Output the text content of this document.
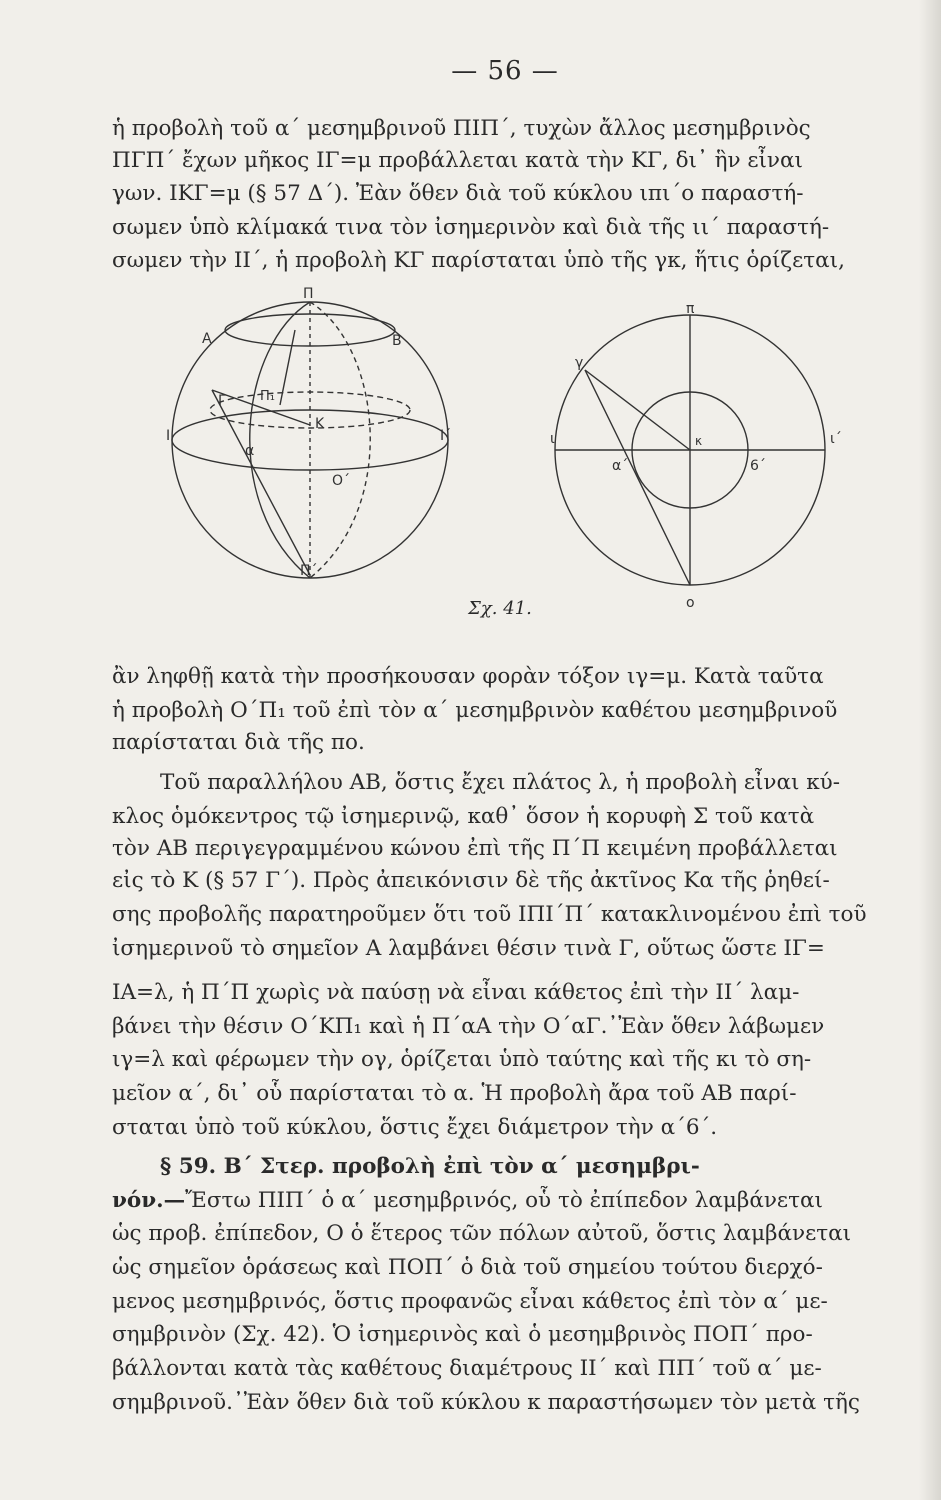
— 56 —
ἡ προβολὴ τοῦ α΄ μεσημβρινοῦ ΠΙΠ΄, τυχὼν ἄλλος μεσημβρινὸς
ΠΓΠ΄ ἔχων μῆκος ΙΓ=μ προβάλλεται κατὰ τὴν ΚΓ, δι᾽ ἣν εἶναι
γων. ΙΚΓ=μ (§ 57 Δ΄). Ἐὰν ὅθεν διὰ τοῦ κύκλου ιπι΄ο παραστή-
σωμεν ὑπὸ κλίμακά τινα τὸν ἰσημερινὸν καὶ διὰ τῆς ιι΄ παραστή-
σωμεν τὴν ΙΙ΄, ἡ προβολὴ ΚΓ παρίσταται ὑπὸ τῆς γκ, ἥτις ὁρίζεται,
Π
Α	Β
Γ	Π₁
Κ
Ι	Ι΄
α
Ο΄
Π΄
π
γ
ι	κ
α΄	6΄
ι΄
ο
Σχ. 41.
ἂν ληφθῇ κατὰ τὴν προσήκουσαν φορὰν τόξον ιγ=μ. Κατὰ ταῦτα
ἡ προβολὴ Ο΄Π₁ τοῦ ἐπὶ τὸν α΄ μεσημβρινὸν καθέτου μεσημβρινοῦ
παρίσταται διὰ τῆς πο.
Τοῦ παραλλήλου ΑΒ, ὅστις ἔχει πλάτος λ, ἡ προβολὴ εἶναι κύ-
κλος ὁμόκεντρος τῷ ἰσημερινῷ, καθ᾽ ὅσον ἡ κορυφὴ Σ τοῦ κατὰ
τὸν ΑΒ περιγεγραμμένου κώνου ἐπὶ τῆς Π΄Π κειμένη προβάλλεται
εἰς τὸ Κ (§ 57 Γ΄). Πρὸς ἀπεικόνισιν δὲ τῆς ἀκτῖνος Κα τῆς ῥηθεί-
σης προβολῆς παρατηροῦμεν ὅτι τοῦ ΙΠΙ΄Π΄ κατακλινομένου ἐπὶ τοῦ
ἰσημερινοῦ τὸ σημεῖον Α λαμβάνει θέσιν τινὰ Γ, οὕτως ὥστε ΙΓ=
ΙΑ=λ, ἡ Π΄Π χωρὶς νὰ παύσῃ νὰ εἶναι κάθετος ἐπὶ τὴν ΙΙ΄ λαμ-
βάνει τὴν θέσιν Ο΄ΚΠ₁ καὶ ἡ Π΄αΑ τὴν Ο΄αΓ.᾽Ἐὰν ὅθεν λάβωμεν
ιγ=λ καὶ φέρωμεν τὴν ογ, ὁρίζεται ὑπὸ ταύτης καὶ τῆς κι τὸ ση-
μεῖον α΄, δι᾽ οὗ παρίσταται τὸ α. Ἡ προβολὴ ἄρα τοῦ ΑΒ παρί-
σταται ὑπὸ τοῦ κύκλου, ὅστις ἔχει διάμετρον τὴν α΄6΄.
§ 59. Β΄ Στερ. προβολὴ ἐπὶ τὸν α΄ μεσημβρι-
νόν.—Ἔστω ΠΙΠ΄ ὁ α΄ μεσημβρινός, οὗ τὸ ἐπίπεδον λαμβάνεται
ὡς προβ. ἐπίπεδον, Ο ὁ ἕτερος τῶν πόλων αὐτοῦ, ὅστις λαμβάνεται
ὡς σημεῖον ὁράσεως καὶ ΠΟΠ΄ ὁ διὰ τοῦ σημείου τούτου διερχό-
μενος μεσημβρινός, ὅστις προφανῶς εἶναι κάθετος ἐπὶ τὸν α΄ με-
σημβρινὸν (Σχ. 42). Ὁ ἰσημερινὸς καὶ ὁ μεσημβρινὸς ΠΟΠ΄ προ-
βάλλονται κατὰ τὰς καθέτους διαμέτρους ΙΙ΄ καὶ ΠΠ΄ τοῦ α΄ με-
σημβρινοῦ.᾽Ἐὰν ὅθεν διὰ τοῦ κύκλου κ παραστήσωμεν τὸν μετὰ τῆς
